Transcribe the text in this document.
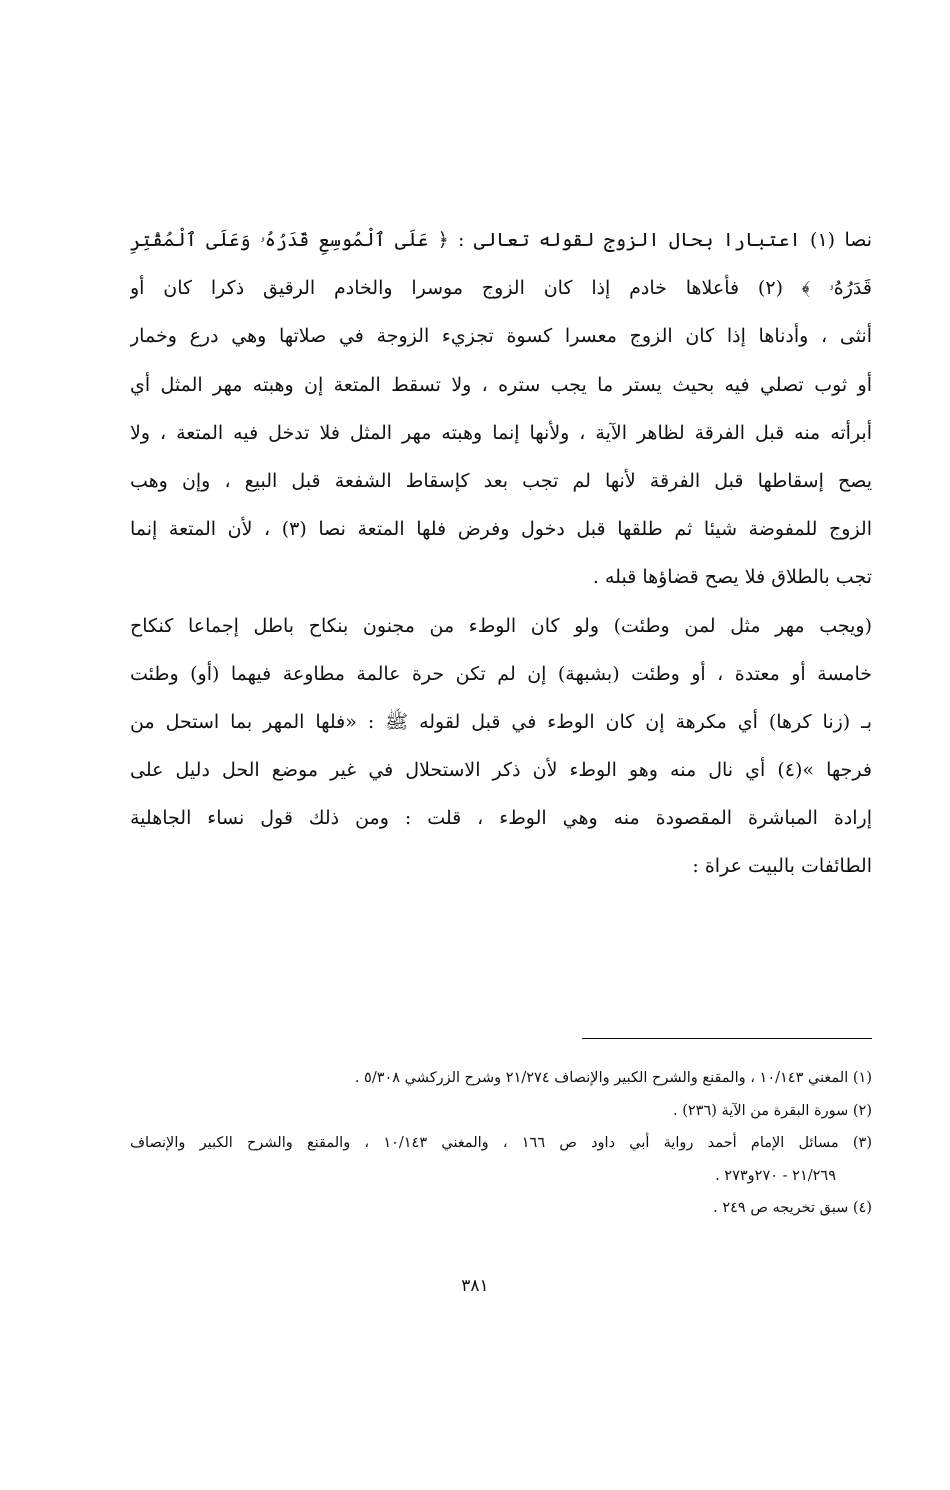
نصا (١) اعتبارا بحال الزوج لقوله تعالى : ﴿ عَلَى ٱلْمُوسِعِ قَدَرُهُۥ وَعَلَى ٱلْمُقْتِرِ
قَدَرُهُۥ ﴾ (٢) فأعلاها خادم إذا كان الزوج موسرا والخادم الرقيق ذكرا كان أو
أنثى ، وأدناها إذا كان الزوج معسرا كسوة تجزيء الزوجة في صلاتها وهي درع وخمار
أو ثوب تصلي فيه بحيث يستر ما يجب ستره ، ولا تسقط المتعة إن وهبته مهر المثل أي
أبرأته منه قبل الفرقة لظاهر الآية ، ولأنها إنما وهبته مهر المثل فلا تدخل فيه المتعة ، ولا
يصح إسقاطها قبل الفرقة لأنها لم تجب بعد كإسقاط الشفعة قبل البيع ، وإن وهب
الزوج للمفوضة شيئا ثم طلقها قبل دخول وفرض فلها المتعة نصا (٣) ، لأن المتعة إنما
تجب بالطلاق فلا يصح قضاؤها قبله .
(ويجب مهر مثل لمن وطئت) ولو كان الوطء من مجنون بنكاح باطل إجماعا كنكاح
خامسة أو معتدة ، أو وطئت (بشبهة) إن لم تكن حرة عالمة مطاوعة فيهما (أو) وطئت
بـ (زنا كرها) أي مكرهة إن كان الوطء في قبل لقوله ﷺ : «فلها المهر بما استحل من
فرجها »(٤) أي نال منه وهو الوطء لأن ذكر الاستحلال في غير موضع الحل دليل على
إرادة المباشرة المقصودة منه وهي الوطء ، قلت : ومن ذلك قول نساء الجاهلية
الطائفات بالبيت عراة :
(١) المغني ١٠/١٤٣ ، والمقنع والشرح الكبير والإنصاف ٢١/٢٧٤ وشرح الزركشي ٥/٣٠٨ .
(٢) سورة البقرة من الآية (٢٣٦) .
(٣) مسائل الإمام أحمد رواية أبي داود ص ١٦٦ ، والمغني ١٠/١٤٣ ، والمقنع والشرح الكبير والإنصاف
٢١/٢٦٩ - ٢٧٠و٢٧٣ .
(٤) سبق تخريجه ص ٢٤٩ .
٣٨١
